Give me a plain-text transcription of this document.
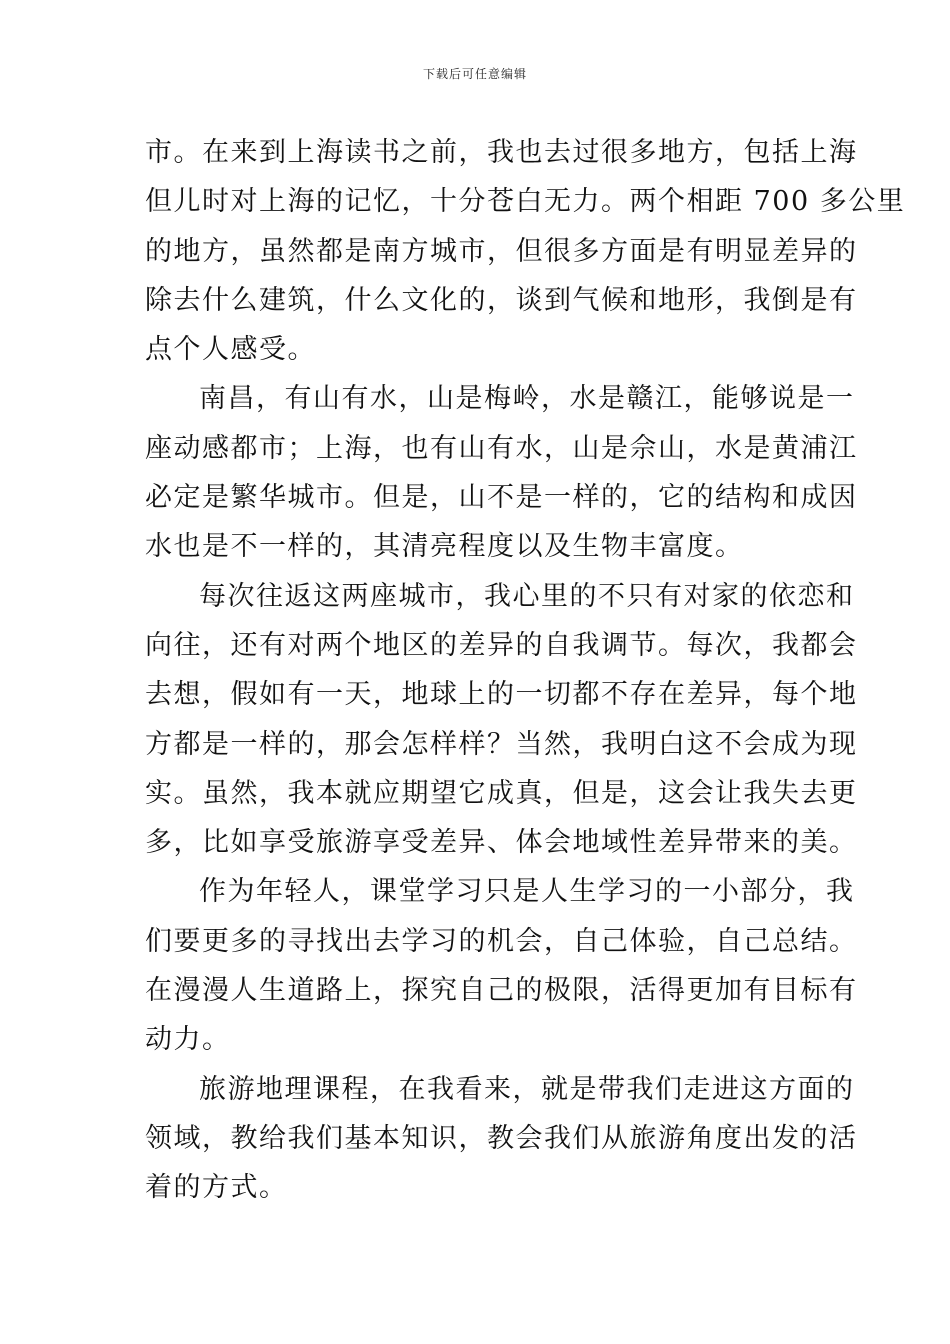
下载后可任意编辑
市。在来到上海读书之前，我也去过很多地方，包括上海
但儿时对上海的记忆，十分苍白无力。两个相距 700 多公里
的地方，虽然都是南方城市，但很多方面是有明显差异的
除去什么建筑，什么文化的，谈到气候和地形，我倒是有
点个人感受。
南昌，有山有水，山是梅岭，水是赣江，能够说是一
座动感都市；上海，也有山有水，山是佘山，水是黄浦江
必定是繁华城市。但是，山不是一样的，它的结构和成因
水也是不一样的，其清亮程度以及生物丰富度。
每次往返这两座城市，我心里的不只有对家的依恋和
向往，还有对两个地区的差异的自我调节。每次，我都会
去想，假如有一天，地球上的一切都不存在差异，每个地
方都是一样的，那会怎样样？当然，我明白这不会成为现
实。虽然，我本就应期望它成真，但是，这会让我失去更
多，比如享受旅游享受差异、体会地域性差异带来的美。
作为年轻人，课堂学习只是人生学习的一小部分，我
们要更多的寻找出去学习的机会，自己体验，自己总结。
在漫漫人生道路上，探究自己的极限，活得更加有目标有
动力。
旅游地理课程，在我看来，就是带我们走进这方面的
领域，教给我们基本知识，教会我们从旅游角度出发的活
着的方式。
